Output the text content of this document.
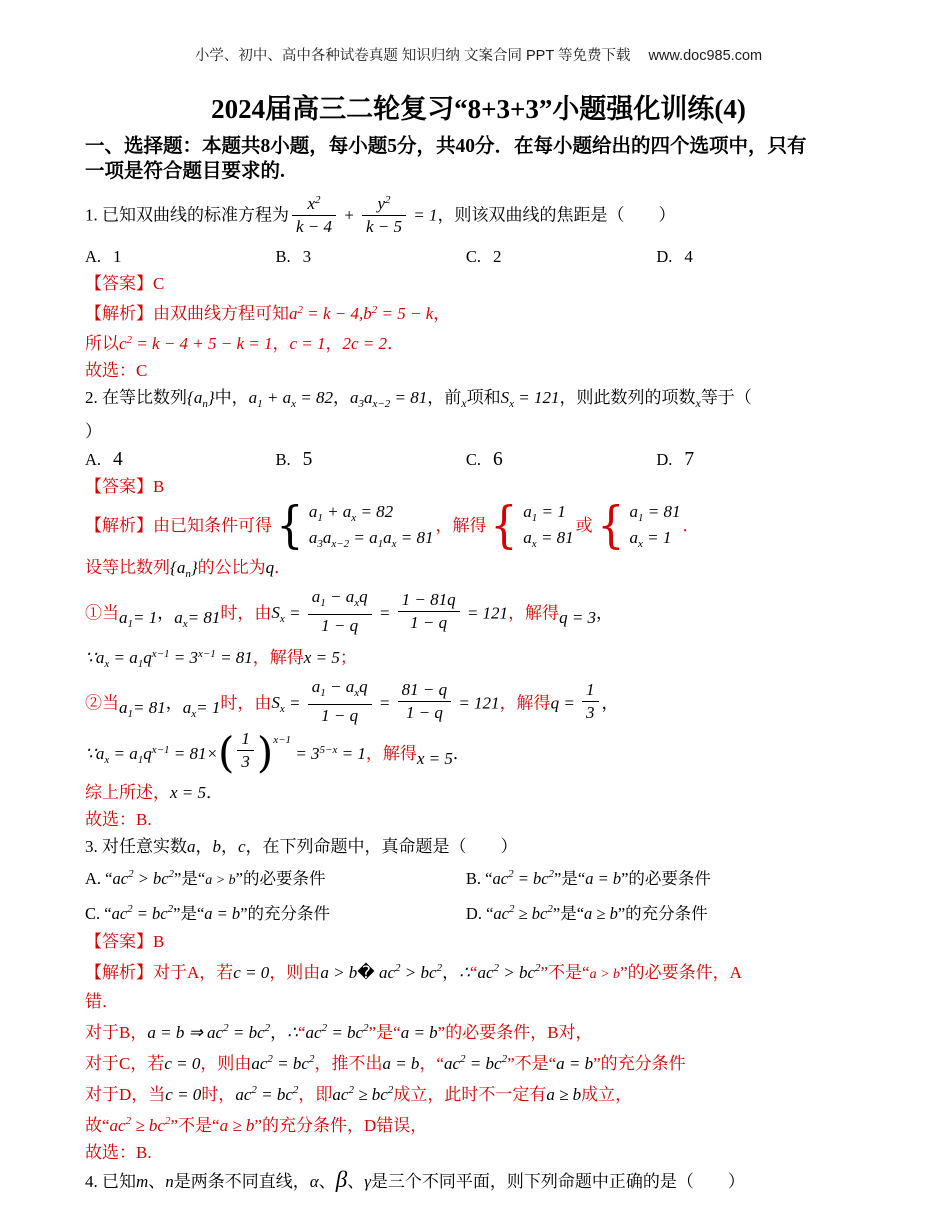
小学、初中、高中各种试卷真题 知识归纳 文案合同 PPT 等免费下载 www.doc985.com
2024届高三二轮复习“8+3+3”小题强化训练(4)
一、选择题：本题共8小题，每小题5分，共40分．在每小题给出的四个选项中，只有
一项是符合题目要求的.
1. 已知双曲线的标准方程为 $\frac{x^2}{k - 4} + \frac{y^2}{k - 5} = 1$，则该双曲线的焦距是（　　）
A. 1	B. 3	C. 2	D. 4
【答案】C
【解析】由双曲线方程可知$a^2 = k - 4,b^2 = 5 - k$，
所以$c^2 = k - 4 + 5 - k = 1$，c = 1，2c = 2．
故选：C
2. 在等比数列$\{a_n\}$中，$a_1 + a_x = 82$，$a_3a_{x-2} = 81$，前$_x$项和$S_x = 121$，则此数列的项数$_x$等于（
）
A. 4	B. 5	C. 6	D. 7
【答案】B
【解析】由已知条件可得 { $a_1 + a_x = 82$
$a_3a_{x-2} = a_1a_x = 81$
，解得 { $a_1 = 1$
$a_x = 81$
或 { $a_1 = 81$
$a_x = 1$
．
设等比数列$\{a_n\}$的公比为q．
①当$a_1= 1$，$a_x= 81$时，由$S_x = \frac{a_1 - a_xq}{1 - q} = \frac{1 - 81q}{1 - q} = 121$，解得q = 3，
$\because a_x = a_1q^{x-1} = 3^{x-1} = 81$，解得x = 5；
②当$a_1= 81$，$a_x= 1$时，由$S_x = \frac{a_1 - a_xq}{1 - q} = \frac{81 - q}{1 - q} = 121$，解得$q = \frac{1}{3}$ ，
$\because a_x = a_1q^{x-1} = 81\times$ ( $\frac{1}{3}$ ) x−1
= $3^{5-x} = 1$，解得x = 5．
综上所述，x = 5．
故选：B.
3. 对任意实数a，b，c，在下列命题中，真命题是（　　）
A. “$ac^2 > bc^2$”是“a > b”的必要条件	B. “$ac^2 = bc^2$”是“a = b”的必要条件
C. “$ac^2 = bc^2$”是“a = b”的充分条件	D. “$ac^2 \ge bc^2$”是“a ≥ b”的充分条件
【答案】B
【解析】对于A，若c = 0，则由a > b� $ac^2 > bc^2$，$\therefore“ac^2 > bc^2$”不是“a > b”的必要条件，A
错．
对于B，a = b ⇒ $ac^2 = bc^2$，$\therefore“ac^2 = bc^2$”是“a = b”的必要条件，B对，
对于C，若c = 0，则由$ac^2 = bc^2$，推不出a = b，“$ac^2 = bc^2$”不是“a = b”的充分条件
对于D，当c = 0时，$ac^2 = bc^2$，即$ac^2 \ge bc^2$成立，此时不一定有a ≥ b成立，
故“$ac^2 \ge bc^2$”不是“a ≥ b”的充分条件，D错误，
故选：B.
4. 已知m、n是两条不同直线，α、β、γ是三个不同平面，则下列命题中正确的是（　　）
